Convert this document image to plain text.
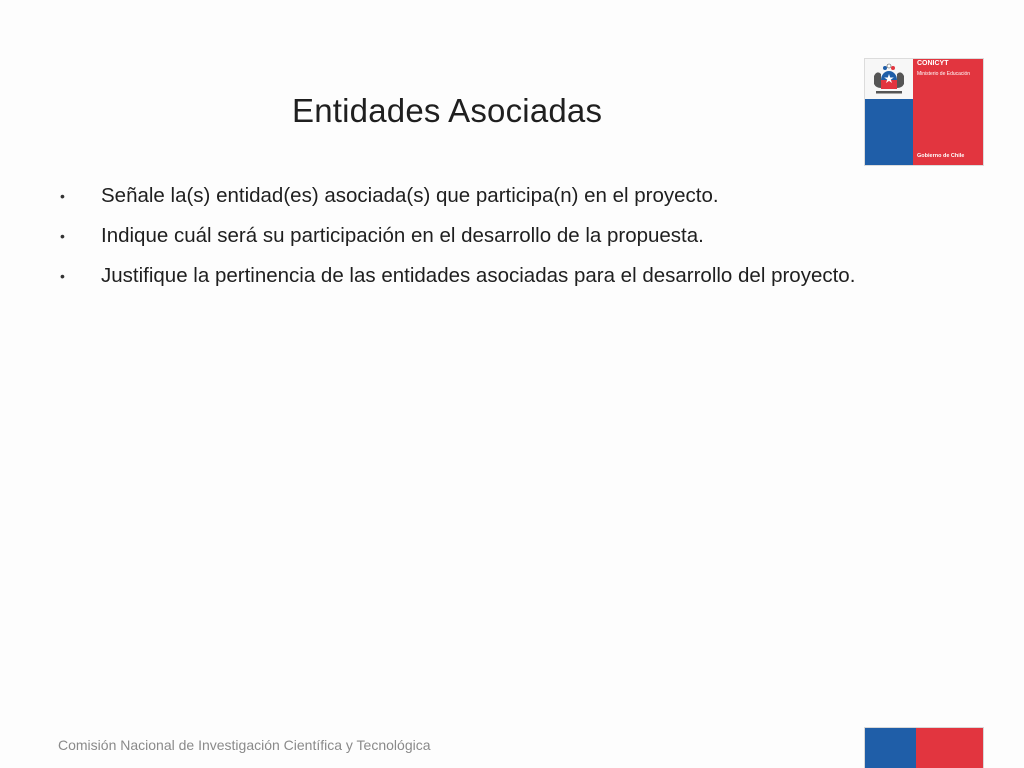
Entidades Asociadas
• Señale la(s) entidad(es) asociada(s) que participa(n) en el proyecto.
• Indique cuál será su participación en el desarrollo de la propuesta.
• Justifique la pertinencia de las entidades asociadas para el desarrollo del proyecto.
CONICYT
Ministerio de Educación
Gobierno de Chile
Comisión Nacional de Investigación Científica y Tecnológica
